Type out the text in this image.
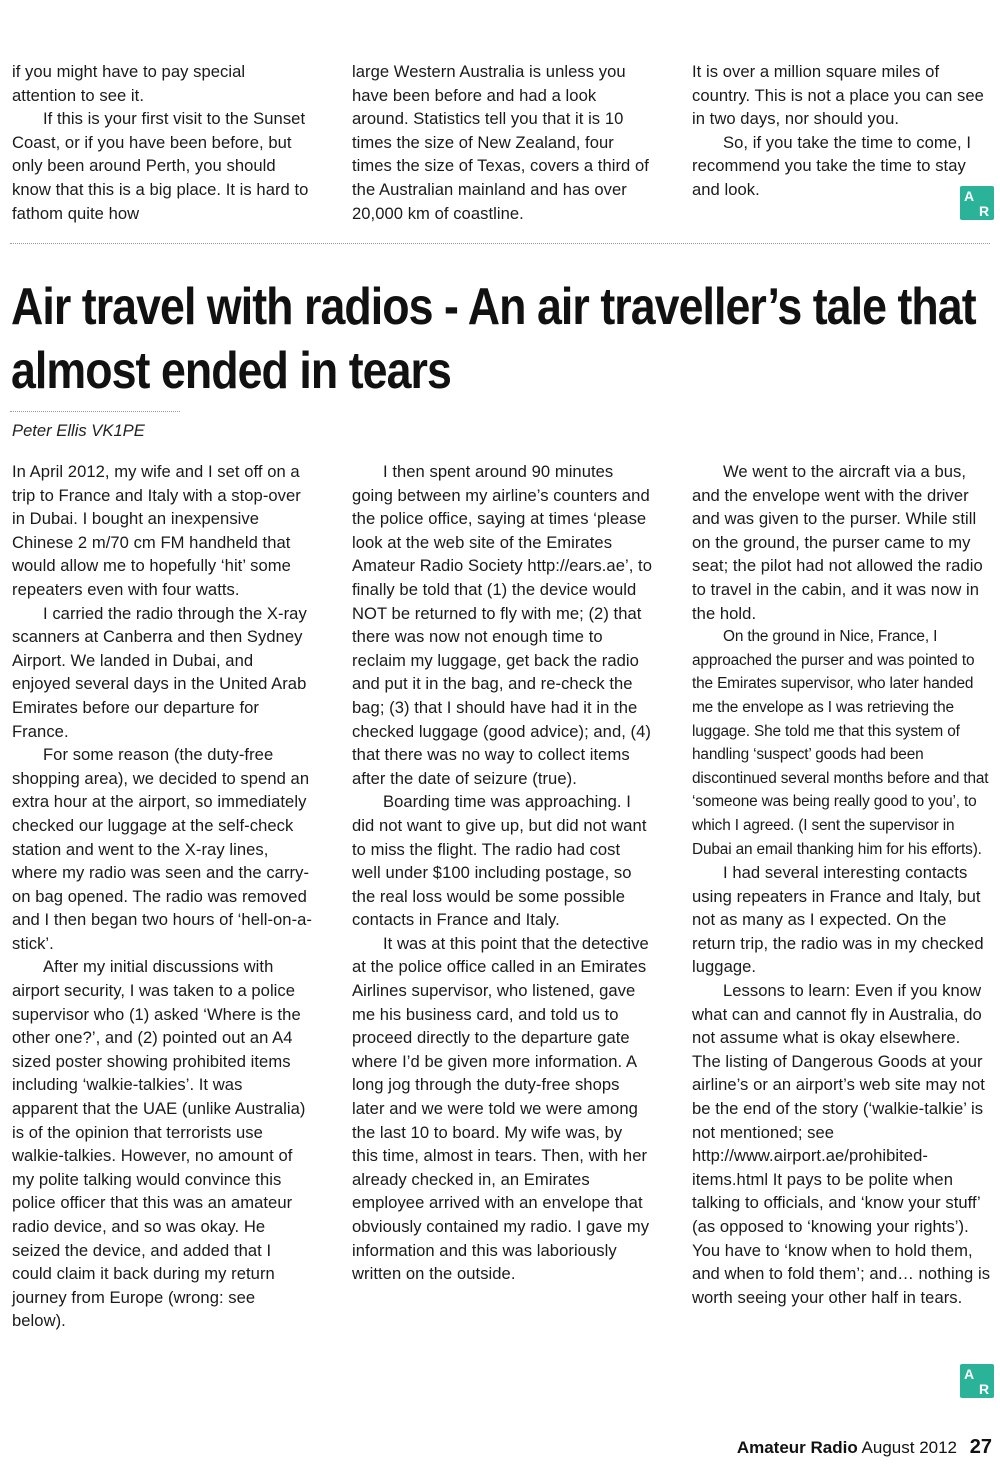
if you might have to pay special attention to see it.

If this is your first visit to the Sunset Coast, or if you have been before, but only been around Perth, you should know that this is a big place. It is hard to fathom quite how

large Western Australia is unless you have been before and had a look around. Statistics tell you that it is 10 times the size of New Zealand, four times the size of Texas, covers a third of the Australian mainland and has over 20,000 km of coastline.

It is over a million square miles of country. This is not a place you can see in two days, nor should you.

So, if you take the time to come, I recommend you take the time to stay and look.	A
R
Air travel with radios - An air traveller’s tale that almost ended in tears

Peter Ellis VK1PE

In April 2012, my wife and I set off on a trip to France and Italy with a stop-over in Dubai. I bought an inexpensive Chinese 2 m/70 cm FM handheld that would allow me to hopefully ‘hit’ some repeaters even with four watts.

I carried the radio through the X-ray scanners at Canberra and then Sydney Airport. We landed in Dubai, and enjoyed several days in the United Arab Emirates before our departure for France.

For some reason (the duty-free shopping area), we decided to spend an extra hour at the airport, so immediately checked our luggage at the self-check station and went to the X-ray lines, where my radio was seen and the carry-on bag opened. The radio was removed and I then began two hours of ‘hell-on-a-stick’.

After my initial discussions with airport security, I was taken to a police supervisor who (1) asked ‘Where is the other one?’, and (2) pointed out an A4 sized poster showing prohibited items including ‘walkie-talkies’. It was apparent that the UAE (unlike Australia) is of the opinion that terrorists use walkie-talkies. However, no amount of my polite talking would convince this police officer that this was an amateur radio device, and so was okay. He seized the device, and added that I could claim it back during my return journey from Europe (wrong: see below).

I then spent around 90 minutes going between my airline’s counters and the police office, saying at times ‘please look at the web site of the Emirates Amateur Radio Society http://ears.ae’, to finally be told that (1) the device would NOT be returned to fly with me; (2) that there was now not enough time to reclaim my luggage, get back the radio and put it in the bag, and re-check the bag; (3) that I should have had it in the checked luggage (good advice); and, (4) that there was no way to collect items after the date of seizure (true).

Boarding time was approaching. I did not want to give up, but did not want to miss the flight. The radio had cost well under $100 including postage, so the real loss would be some possible contacts in France and Italy.

It was at this point that the detective at the police office called in an Emirates Airlines supervisor, who listened, gave me his business card, and told us to proceed directly to the departure gate where I’d be given more information. A long jog through the duty-free shops later and we were told we were among the last 10 to board. My wife was, by this time, almost in tears. Then, with her already checked in, an Emirates employee arrived with an envelope that obviously contained my radio. I gave my information and this was laboriously written on the outside.

We went to the aircraft via a bus, and the envelope went with the driver and was given to the purser. While still on the ground, the purser came to my seat; the pilot had not allowed the radio to travel in the cabin, and it was now in the hold.

On the ground in Nice, France, I approached the purser and was pointed to the Emirates supervisor, who later handed me the envelope as I was retrieving the luggage. She told me that this system of handling ‘suspect’ goods had been discontinued several months before and that ‘someone was being really good to you’, to which I agreed. (I sent the supervisor in Dubai an email thanking him for his efforts).

I had several interesting contacts using repeaters in France and Italy, but not as many as I expected. On the return trip, the radio was in my checked luggage.

Lessons to learn: Even if you know what can and cannot fly in Australia, do not assume what is okay elsewhere. The listing of Dangerous Goods at your airline’s or an airport’s web site may not be the end of the story (‘walkie-talkie’ is not mentioned; see http://www.airport.ae/prohibited-items.html It pays to be polite when talking to officials, and ‘know your stuff’ (as opposed to ‘knowing your rights’). You have to ‘know when to hold them, and when to fold them’; and… nothing is worth seeing your other half in tears.

A
R
Amateur Radio August 2012 27
